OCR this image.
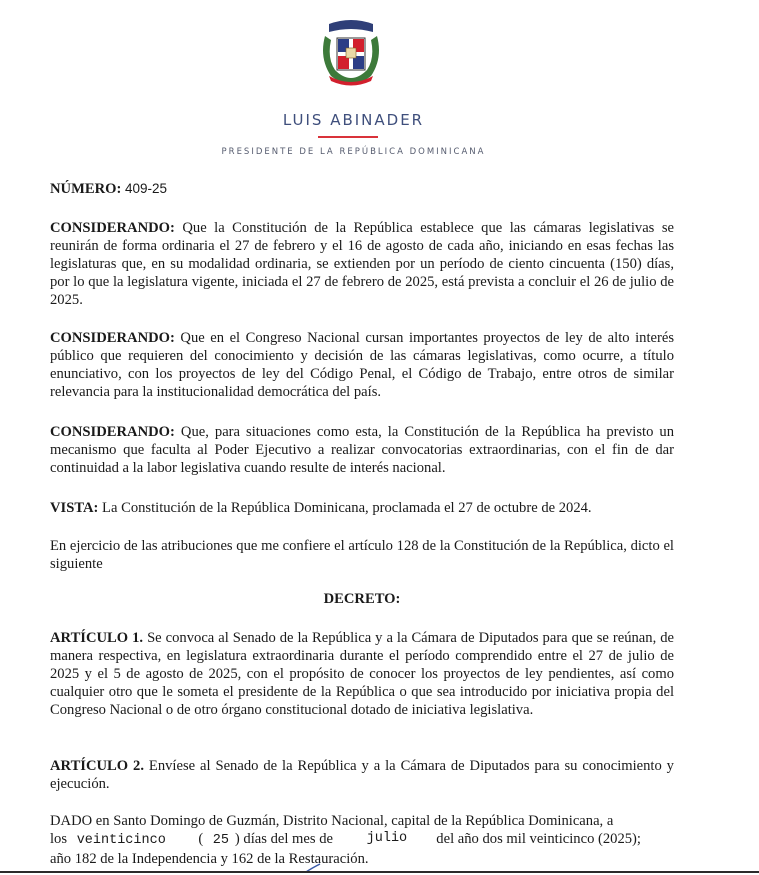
LUIS ABINADER
PRESIDENTE DE LA REPÚBLICA DOMINICANA
NÚMERO: 409-25

CONSIDERANDO: Que la Constitución de la República establece que las cámaras legislativas se reunirán de forma ordinaria el 27 de febrero y el 16 de agosto de cada año, iniciando en esas fechas las legislaturas que, en su modalidad ordinaria, se extienden por un período de ciento cincuenta (150) días, por lo que la legislatura vigente, iniciada el 27 de febrero de 2025, está prevista a concluir el 26 de julio de 2025.

CONSIDERANDO: Que en el Congreso Nacional cursan importantes proyectos de ley de alto interés público que requieren del conocimiento y decisión de las cámaras legislativas, como ocurre, a título enunciativo, con los proyectos de ley del Código Penal, el Código de Trabajo, entre otros de similar relevancia para la institucionalidad democrática del país.

CONSIDERANDO: Que, para situaciones como esta, la Constitución de la República ha previsto un mecanismo que faculta al Poder Ejecutivo a realizar convocatorias extraordinarias, con el fin de dar continuidad a la labor legislativa cuando resulte de interés nacional.

VISTA: La Constitución de la República Dominicana, proclamada el 27 de octubre de 2024.

En ejercicio de las atribuciones que me confiere el artículo 128 de la Constitución de la República, dicto el siguiente

DECRETO:

ARTÍCULO 1. Se convoca al Senado de la República y a la Cámara de Diputados para que se reúnan, de manera respectiva, en legislatura extraordinaria durante el período comprendido entre el 27 de julio de 2025 y el 5 de agosto de 2025, con el propósito de conocer los proyectos de ley pendientes, así como cualquier otro que le someta el presidente de la República o que sea introducido por iniciativa propia del Congreso Nacional o de otro órgano constitucional dotado de iniciativa legislativa.

ARTÍCULO 2. Envíese al Senado de la República y a la Cámara de Diputados para su conocimiento y ejecución.

DADO en Santo Domingo de Guzmán, Distrito Nacional, capital de la República Dominicana, a
los veinticinco ( 25 ) días del mes de julio del año dos mil veinticinco (2025);
año 182 de la Independencia y 162 de la Restauración.
